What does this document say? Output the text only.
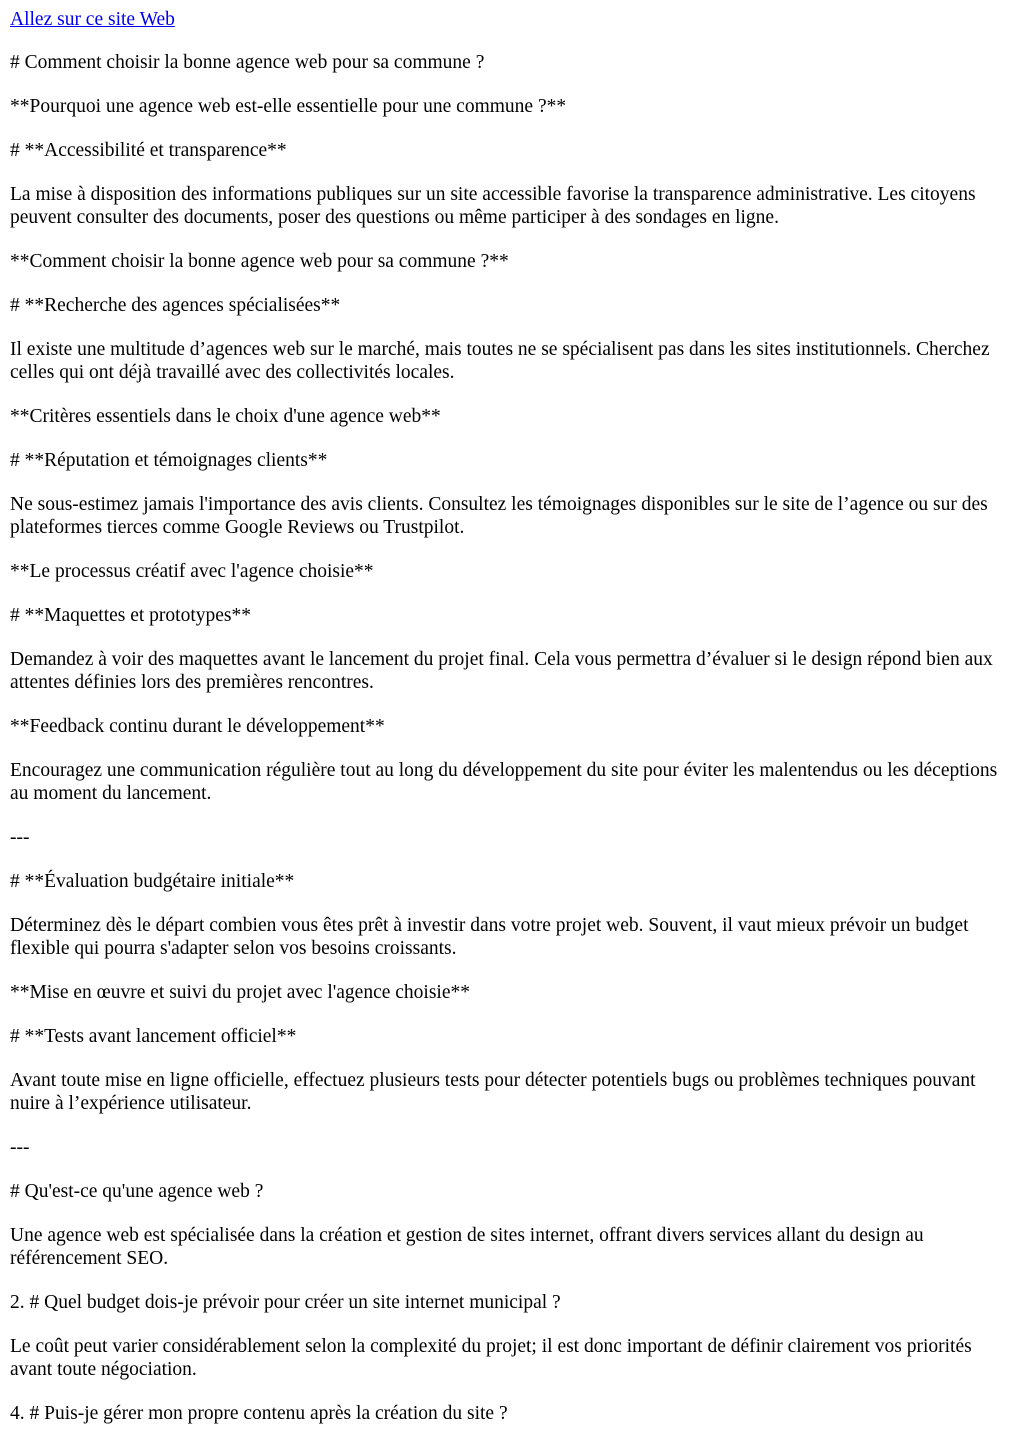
Allez sur ce site Web

# Comment choisir la bonne agence web pour sa commune ?

**Pourquoi une agence web est-elle essentielle pour une commune ?**

# **Accessibilité et transparence**

La mise à disposition des informations publiques sur un site accessible favorise la transparence administrative. Les citoyens peuvent consulter des documents, poser des questions ou même participer à des sondages en ligne.

**Comment choisir la bonne agence web pour sa commune ?**

# **Recherche des agences spécialisées**

Il existe une multitude d’agences web sur le marché, mais toutes ne se spécialisent pas dans les sites institutionnels. Cherchez celles qui ont déjà travaillé avec des collectivités locales.

**Critères essentiels dans le choix d'une agence web**

# **Réputation et témoignages clients**

Ne sous-estimez jamais l'importance des avis clients. Consultez les témoignages disponibles sur le site de l’agence ou sur des plateformes tierces comme Google Reviews ou Trustpilot.

**Le processus créatif avec l'agence choisie**

# **Maquettes et prototypes**

Demandez à voir des maquettes avant le lancement du projet final. Cela vous permettra d’évaluer si le design répond bien aux attentes définies lors des premières rencontres.

**Feedback continu durant le développement**

Encouragez une communication régulière tout au long du développement du site pour éviter les malentendus ou les déceptions au moment du lancement.

---

# **Évaluation budgétaire initiale**

Déterminez dès le départ combien vous êtes prêt à investir dans votre projet web. Souvent, il vaut mieux prévoir un budget flexible qui pourra s'adapter selon vos besoins croissants.

**Mise en œuvre et suivi du projet avec l'agence choisie**

# **Tests avant lancement officiel**

Avant toute mise en ligne officielle, effectuez plusieurs tests pour détecter potentiels bugs ou problèmes techniques pouvant nuire à l’expérience utilisateur.

---

# Qu'est-ce qu'une agence web ?

Une agence web est spécialisée dans la création et gestion de sites internet, offrant divers services allant du design au référencement SEO.

2. # Quel budget dois-je prévoir pour créer un site internet municipal ?

Le coût peut varier considérablement selon la complexité du projet; il est donc important de définir clairement vos priorités avant toute négociation.

4. # Puis-je gérer mon propre contenu après la création du site ?
